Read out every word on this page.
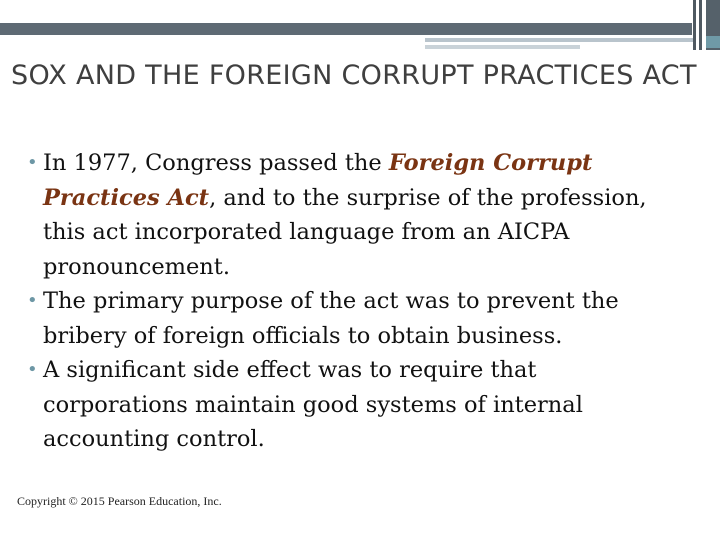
SOX AND THE FOREIGN CORRUPT PRACTICES ACT
• In 1977, Congress passed the Foreign Corrupt Practices Act, and to the surprise of the profession, this act incorporated language from an AICPA pronouncement.
• The primary purpose of the act was to prevent the bribery of foreign officials to obtain business.
• A significant side effect was to require that corporations maintain good systems of internal accounting control.
Copyright © 2015 Pearson Education, Inc.
